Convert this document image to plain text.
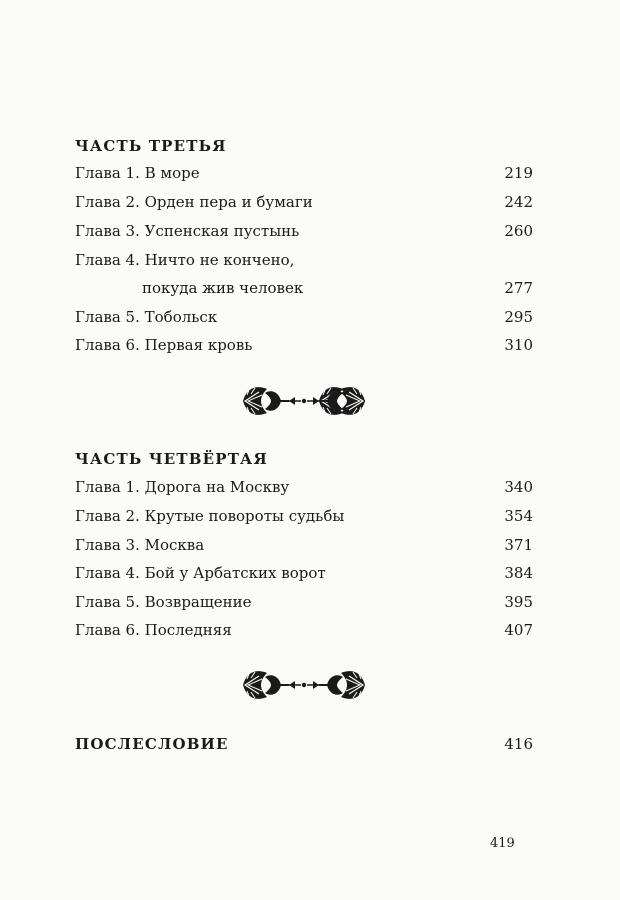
ЧАСТЬ ТРЕТЬЯ
Глава 1. В море	219
Глава 2. Орден пера и бумаги	242
Глава 3. Успенская пустынь	260
Глава 4. Ничто не кончено,
покуда жив человек	277
Глава 5. Тобольск	295
Глава 6. Первая кровь	310
ЧАСТЬ ЧЕТВЁРТАЯ
Глава 1. Дорога на Москву	340
Глава 2. Крутые повороты судьбы	354
Глава 3. Москва	371
Глава 4. Бой у Арбатских ворот	384
Глава 5. Возвращение	395
Глава 6. Последняя	407
ПОСЛЕСЛОВИЕ	416
419
